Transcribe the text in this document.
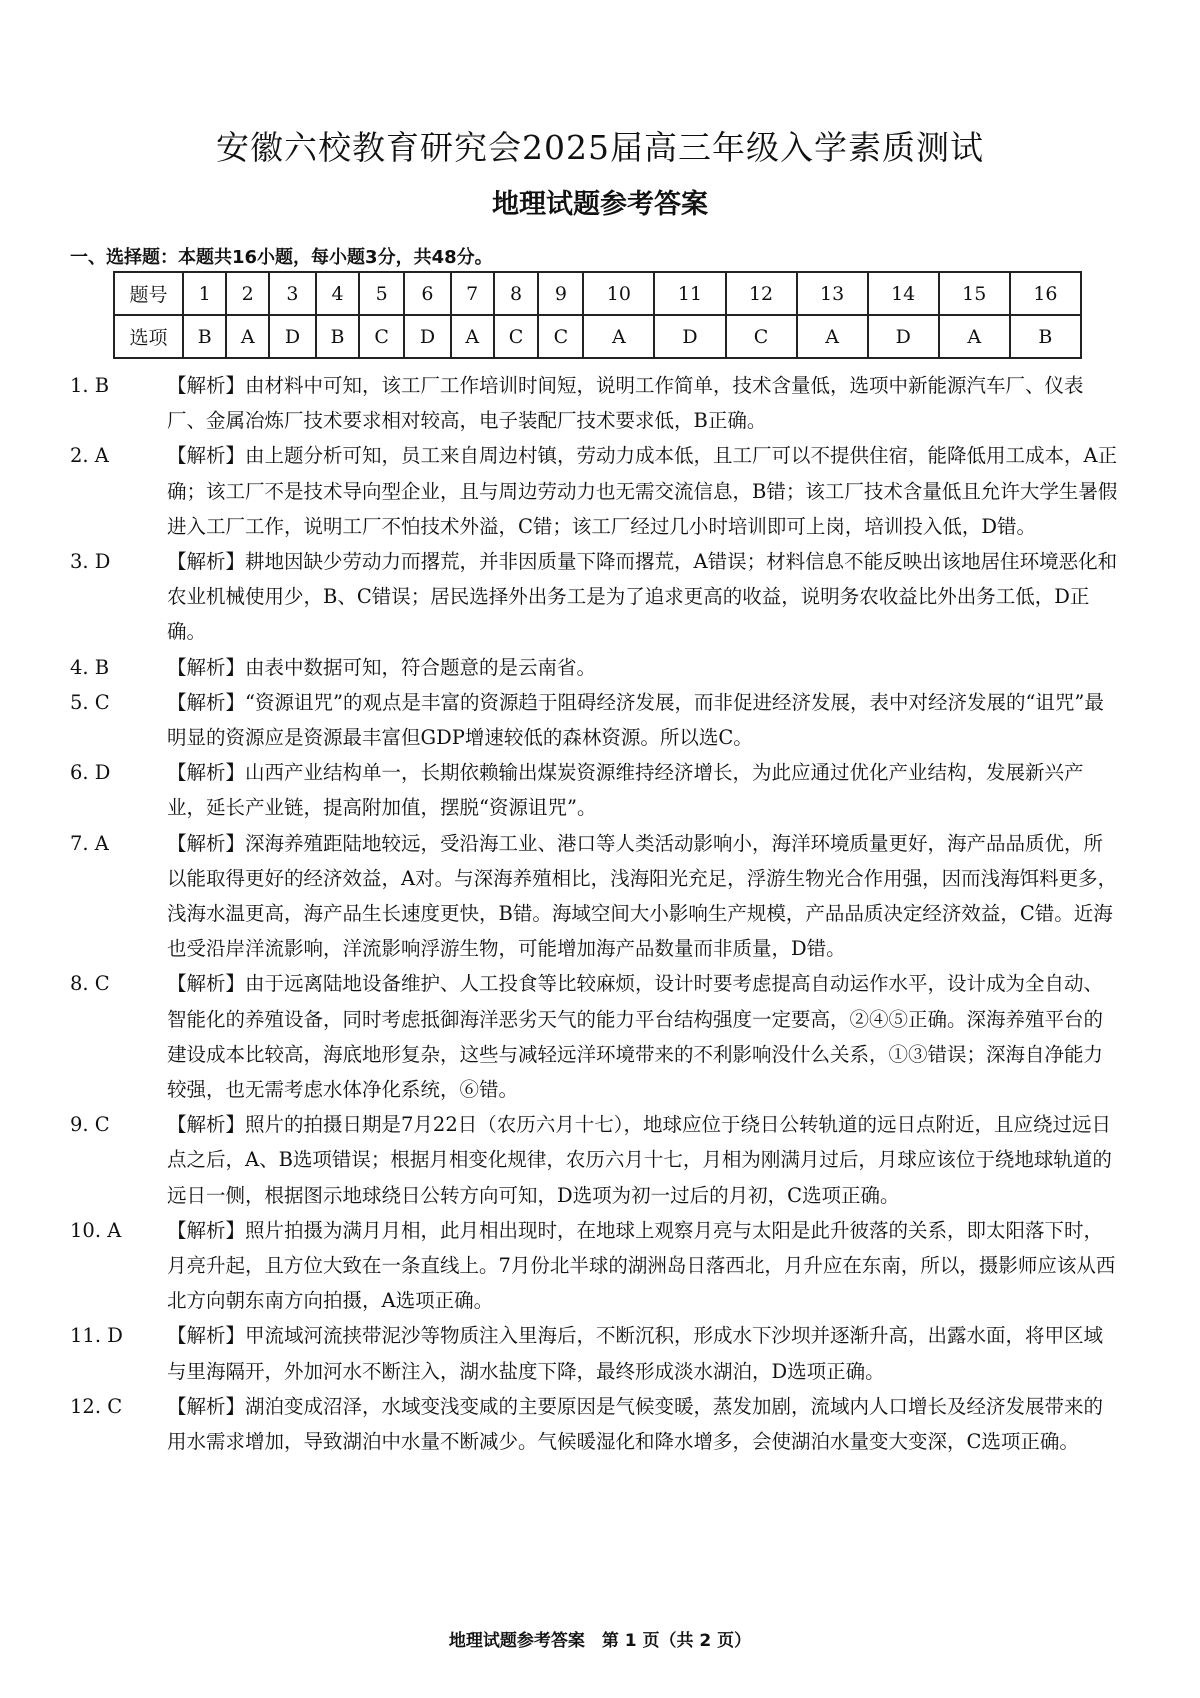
安徽六校教育研究会2025届高三年级入学素质测试
地理试题参考答案
一、选择题：本题共16小题，每小题3分，共48分。
题号	1	2	3	4	5	6	7	8	9	10	11	12	13	14	15	16
选项	B	A	D	B	C	D	A	C	C	A	D	C	A	D	A	B
1. B	【解析】由材料中可知，该工厂工作培训时间短，说明工作简单，技术含量低，选项中新能源汽车厂、仪表厂、金属冶炼厂技术要求相对较高，电子装配厂技术要求低，B正确。
2. A	【解析】由上题分析可知，员工来自周边村镇，劳动力成本低，且工厂可以不提供住宿，能降低用工成本，A正确；该工厂不是技术导向型企业，且与周边劳动力也无需交流信息，B错；该工厂技术含量低且允许大学生暑假进入工厂工作，说明工厂不怕技术外溢，C错；该工厂经过几小时培训即可上岗，培训投入低，D错。
3. D	【解析】耕地因缺少劳动力而撂荒，并非因质量下降而撂荒，A错误；材料信息不能反映出该地居住环境恶化和农业机械使用少，B、C错误；居民选择外出务工是为了追求更高的收益，说明务农收益比外出务工低，D正确。
4. B	【解析】由表中数据可知，符合题意的是云南省。
5. C	【解析】“资源诅咒”的观点是丰富的资源趋于阻碍经济发展，而非促进经济发展，表中对经济发展的“诅咒”最明显的资源应是资源最丰富但GDP增速较低的森林资源。所以选C。
6. D	【解析】山西产业结构单一，长期依赖输出煤炭资源维持经济增长，为此应通过优化产业结构，发展新兴产业，延长产业链，提高附加值，摆脱“资源诅咒”。
7. A	【解析】深海养殖距陆地较远，受沿海工业、港口等人类活动影响小，海洋环境质量更好，海产品品质优，所以能取得更好的经济效益，A对。与深海养殖相比，浅海阳光充足，浮游生物光合作用强，因而浅海饵料更多，浅海水温更高，海产品生长速度更快，B错。海域空间大小影响生产规模，产品品质决定经济效益，C错。近海也受沿岸洋流影响，洋流影响浮游生物，可能增加海产品数量而非质量，D错。
8. C	【解析】由于远离陆地设备维护、人工投食等比较麻烦，设计时要考虑提高自动运作水平，设计成为全自动、智能化的养殖设备，同时考虑抵御海洋恶劣天气的能力平台结构强度一定要高，②④⑤正确。深海养殖平台的建设成本比较高，海底地形复杂，这些与减轻远洋环境带来的不利影响没什么关系，①③错误；深海自净能力较强，也无需考虑水体净化系统，⑥错。
9. C	【解析】照片的拍摄日期是7月22日（农历六月十七），地球应位于绕日公转轨道的远日点附近，且应绕过远日点之后，A、B选项错误；根据月相变化规律，农历六月十七，月相为刚满月过后，月球应该位于绕地球轨道的远日一侧，根据图示地球绕日公转方向可知，D选项为初一过后的月初，C选项正确。
10. A	【解析】照片拍摄为满月月相，此月相出现时，在地球上观察月亮与太阳是此升彼落的关系，即太阳落下时，月亮升起，且方位大致在一条直线上。7月份北半球的湖洲岛日落西北，月升应在东南，所以，摄影师应该从西北方向朝东南方向拍摄，A选项正确。
11. D	【解析】甲流域河流挟带泥沙等物质注入里海后，不断沉积，形成水下沙坝并逐渐升高，出露水面，将甲区域与里海隔开，外加河水不断注入，湖水盐度下降，最终形成淡水湖泊，D选项正确。
12. C	【解析】湖泊变成沼泽，水域变浅变咸的主要原因是气候变暖，蒸发加剧，流域内人口增长及经济发展带来的用水需求增加，导致湖泊中水量不断减少。气候暖湿化和降水增多，会使湖泊水量变大变深，C选项正确。
地理试题参考答案　第 1 页（共 2 页）
